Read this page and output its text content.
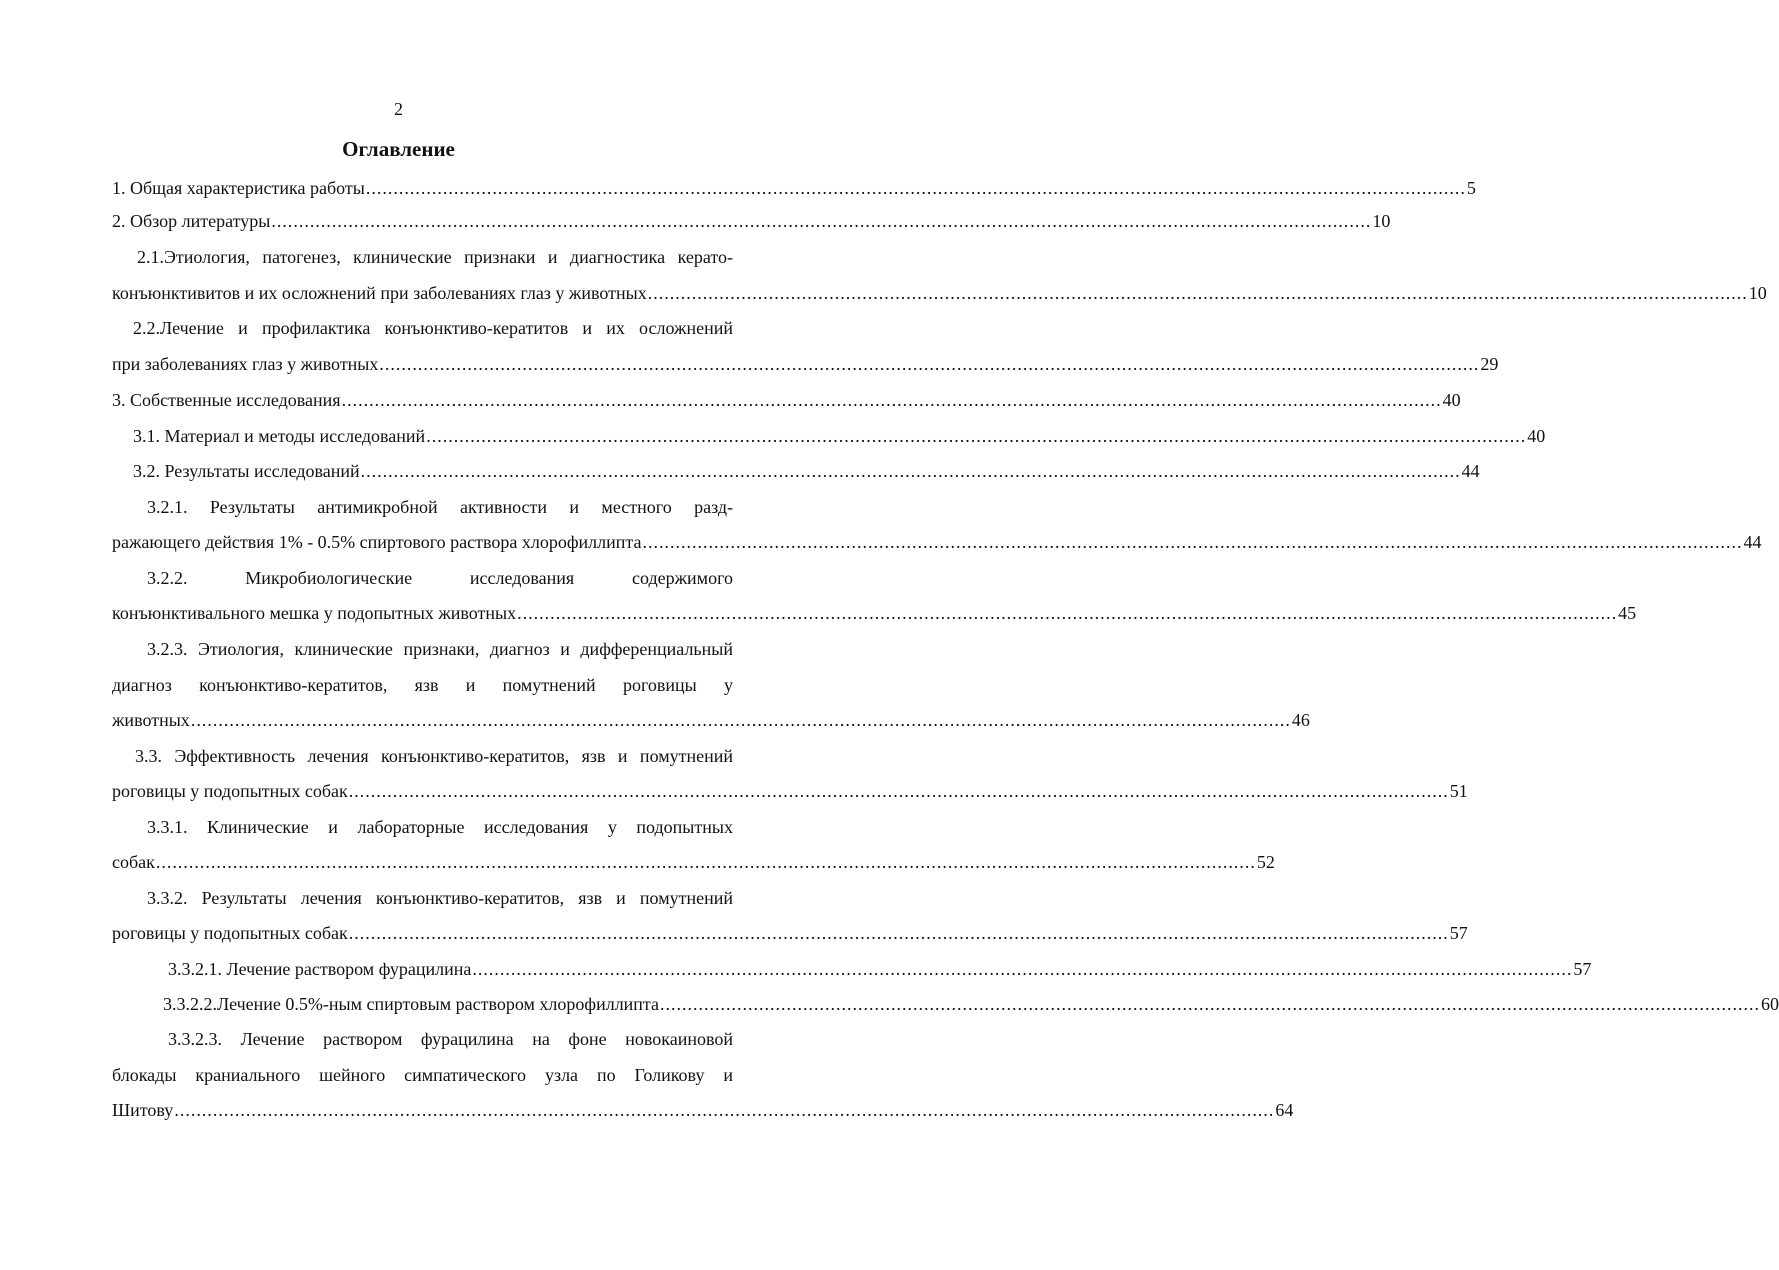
2
Оглавление
1. Общая характеристика работы ........................................................................................................................................................................................................ 5
2. Обзор литературы ........................................................................................................................................................................................................ 10
2.1.Этиология, патогенез, клинические признаки и диагностика керато-
конъюнктивитов и их осложнений при заболеваниях глаз у животных ........................................................................................................................................................................................................ 10
2.2.Лечение и профилактика конъюнктиво-кератитов и их осложнений
при заболеваниях глаз у животных ........................................................................................................................................................................................................ 29
3. Собственные исследования ........................................................................................................................................................................................................ 40
3.1. Материал и методы исследований ........................................................................................................................................................................................................ 40
3.2. Результаты исследований ........................................................................................................................................................................................................ 44
3.2.1. Результаты антимикробной активности и местного разд-
ражающего действия 1% - 0.5% спиртового раствора хлорофиллипта ........................................................................................................................................................................................................ 44
3.2.2. Микробиологические исследования содержимого
конъюнктивального мешка у подопытных животных ........................................................................................................................................................................................................ 45
3.2.3. Этиология, клинические признаки, диагноз и дифференциальный
диагноз конъюнктиво-кератитов, язв и помутнений роговицы у
животных ........................................................................................................................................................................................................ 46
3.3. Эффективность лечения конъюнктиво-кератитов, язв и помутнений
роговицы у подопытных собак ........................................................................................................................................................................................................ 51
3.3.1. Клинические и лабораторные исследования у подопытных
собак ........................................................................................................................................................................................................ 52
3.3.2. Результаты лечения конъюнктиво-кератитов, язв и помутнений
роговицы у подопытных собак ........................................................................................................................................................................................................ 57
3.3.2.1. Лечение раствором фурацилина ........................................................................................................................................................................................................ 57
3.3.2.2.Лечение 0.5%-ным спиртовым раствором хлорофиллипта ........................................................................................................................................................................................................ 60
3.3.2.3. Лечение раствором фурацилина на фоне новокаиновой
блокады краниального шейного симпатического узла по Голикову и
Шитову ........................................................................................................................................................................................................ 64
